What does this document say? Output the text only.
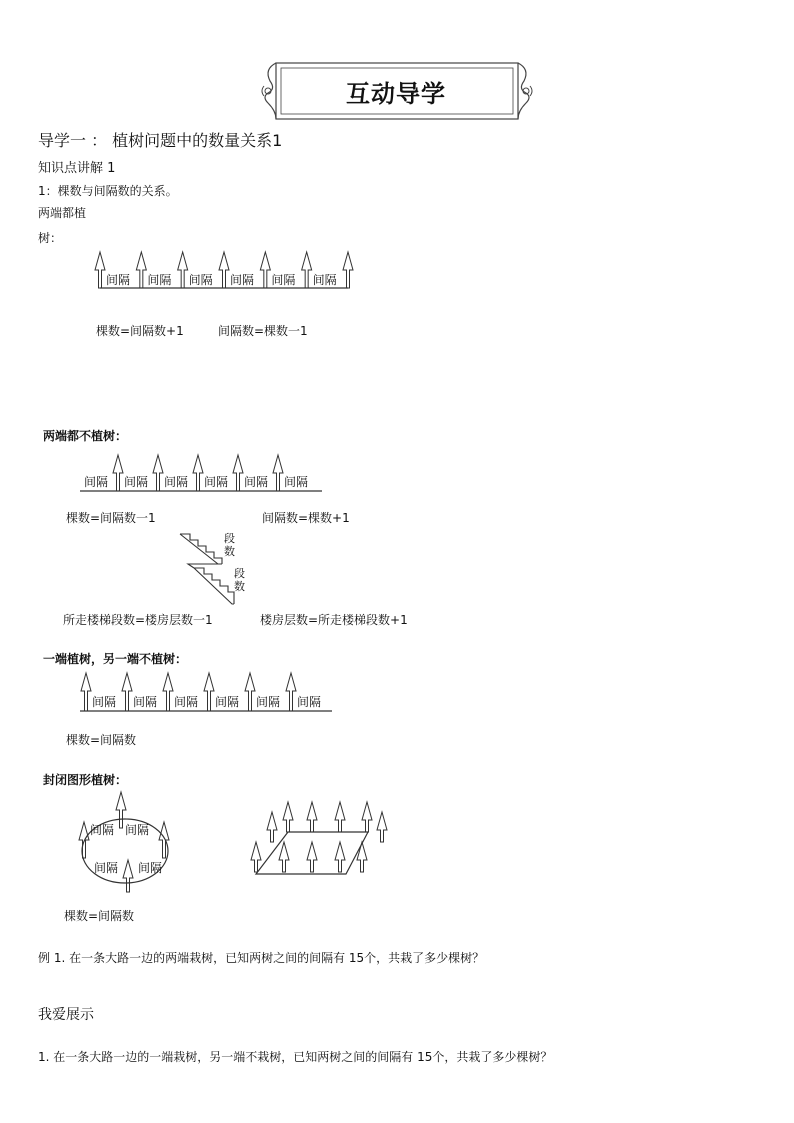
互动导学
导学一 ： 植树问题中的数量关系1
知识点讲解 1
1：棵数与间隔数的关系。
两端都植
树：
间隔 间隔 间隔 间隔 间隔 间隔
间隔 间隔 间隔 间隔 间隔 间隔
间隔 间隔 间隔 间隔 间隔 间隔
间隔 间隔
间隔 间隔
棵数=间隔数+1	间隔数=棵数一1
两端都不植树：
棵数=间隔数一1	间隔数=棵数+1
段数
段数
所走楼梯段数=楼房层数一1	楼房层数=所走楼梯段数+1
一端植树，另一端不植树：
棵数=间隔数
封闭图形植树：
棵数=间隔数
例 1. 在一条大路一边的两端栽树，已知两树之间的间隔有 15个，共栽了多少棵树？
我爱展示
1. 在一条大路一边的一端栽树，另一端不栽树，已知两树之间的间隔有 15个，共栽了多少棵树？
